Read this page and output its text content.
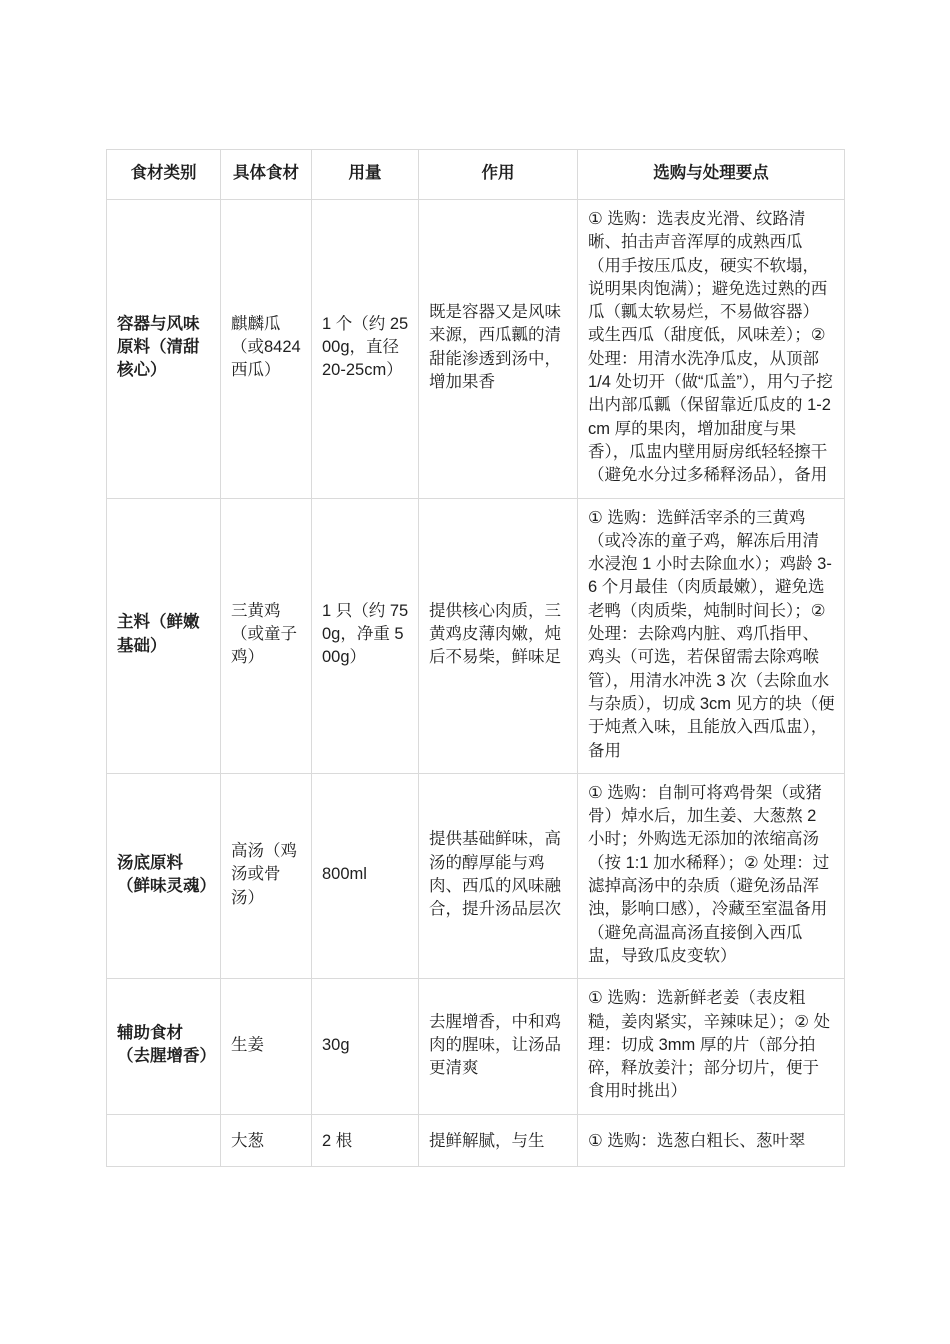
食材类别	具体食材	用量	作用	选购与处理要点
容器与风味原料（清甜核心）	麒麟瓜（或8424 西瓜）	1 个（约 2500g，直径 20-25cm）	既是容器又是风味来源，西瓜瓤的清甜能渗透到汤中，增加果香	① 选购：选表皮光滑、纹路清晰、拍击声音浑厚的成熟西瓜（用手按压瓜皮，硬实不软塌，说明果肉饱满）；避免选过熟的西瓜（瓤太软易烂，不易做容器）或生西瓜（甜度低，风味差）；② 处理：用清水洗净瓜皮，从顶部 1/4 处切开（做“瓜盖”），用勺子挖出内部瓜瓤（保留靠近瓜皮的 1-2cm 厚的果肉，增加甜度与果香），瓜盅内壁用厨房纸轻轻擦干（避免水分过多稀释汤品），备用
主料（鲜嫩基础）	三黄鸡（或童子鸡）	1 只（约 750g，净重 500g）	提供核心肉质，三黄鸡皮薄肉嫩，炖后不易柴，鲜味足	① 选购：选鲜活宰杀的三黄鸡（或冷冻的童子鸡，解冻后用清水浸泡 1 小时去除血水）；鸡龄 3-6 个月最佳（肉质最嫩），避免选老鸭（肉质柴，炖制时间长）；② 处理：去除鸡内脏、鸡爪指甲、鸡头（可选，若保留需去除鸡喉管），用清水冲洗 3 次（去除血水与杂质），切成 3cm 见方的块（便于炖煮入味，且能放入西瓜盅），备用
汤底原料（鲜味灵魂）	高汤（鸡汤或骨汤）	800ml	提供基础鲜味，高汤的醇厚能与鸡肉、西瓜的风味融合，提升汤品层次	① 选购：自制可将鸡骨架（或猪骨）焯水后，加生姜、大葱熬 2 小时；外购选无添加的浓缩高汤（按 1:1 加水稀释）；② 处理：过滤掉高汤中的杂质（避免汤品浑浊，影响口感），冷藏至室温备用（避免高温高汤直接倒入西瓜盅，导致瓜皮变软）
辅助食材（去腥增香）	生姜	30g	去腥增香，中和鸡肉的腥味，让汤品更清爽	① 选购：选新鲜老姜（表皮粗糙，姜肉紧实，辛辣味足）；② 处理：切成 3mm 厚的片（部分拍碎，释放姜汁；部分切片，便于食用时挑出）
	大葱	2 根	提鲜解腻，与生	① 选购：选葱白粗长、葱叶翠
